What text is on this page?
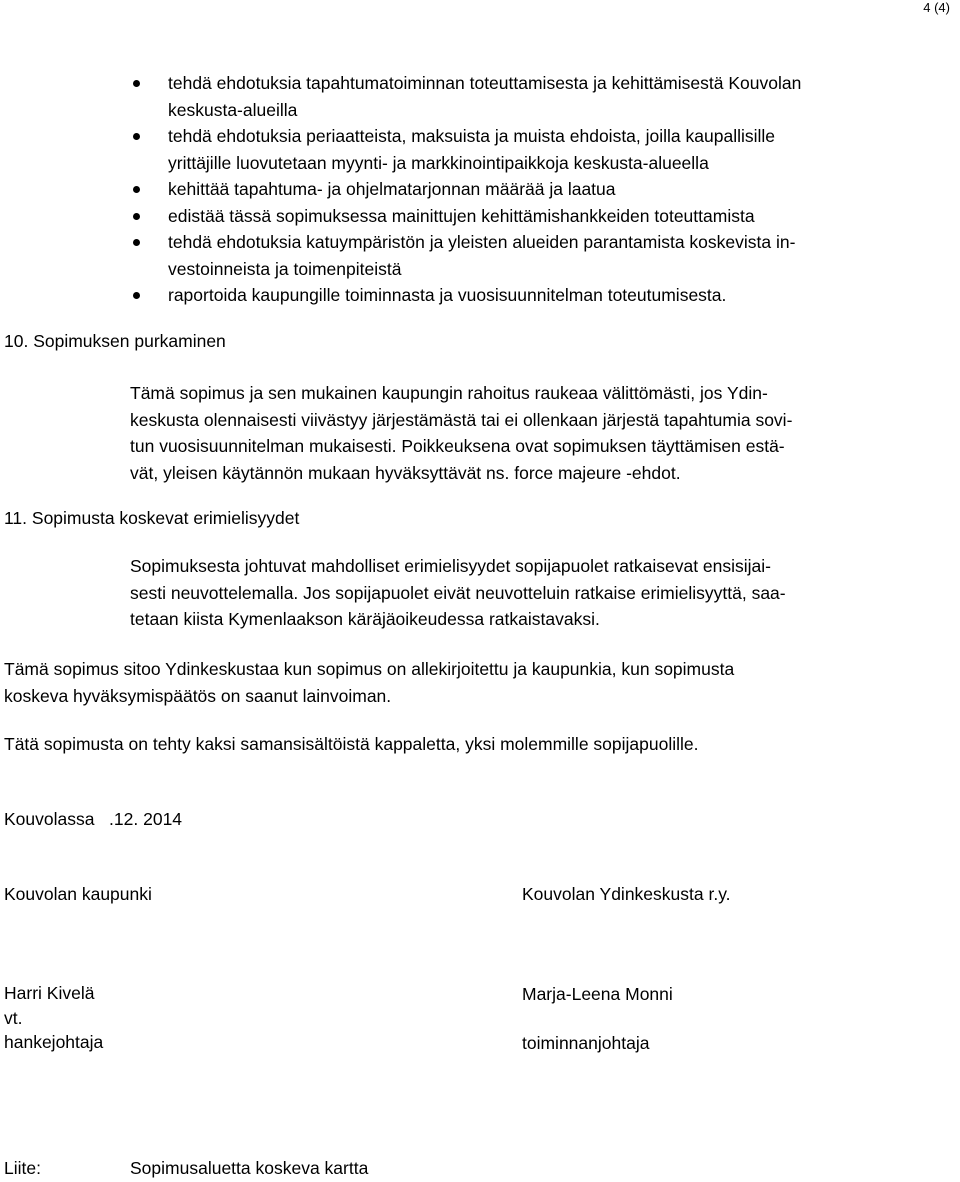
4 (4)
tehdä ehdotuksia tapahtumatoiminnan toteuttamisesta ja kehittämisestä Kouvolan
keskusta-alueilla
tehdä ehdotuksia periaatteista, maksuista ja muista ehdoista, joilla kaupallisille
yrittäjille luovutetaan myynti- ja markkinointipaikkoja keskusta-alueella
kehittää tapahtuma- ja ohjelmatarjonnan määrää ja laatua
edistää tässä sopimuksessa mainittujen kehittämishankkeiden toteuttamista
tehdä ehdotuksia katuympäristön ja yleisten alueiden parantamista koskevista in-
vestoinneista ja toimenpiteistä
raportoida kaupungille toiminnasta ja vuosisuunnitelman toteutumisesta.
10. Sopimuksen purkaminen
Tämä sopimus ja sen mukainen kaupungin rahoitus raukeaa välittömästi, jos Ydin-
keskusta olennaisesti viivästyy järjestämästä tai ei ollenkaan järjestä tapahtumia sovi-
tun vuosisuunnitelman mukaisesti. Poikkeuksena ovat sopimuksen täyttämisen estä-
vät, yleisen käytännön mukaan hyväksyttävät ns. force majeure -ehdot.
11. Sopimusta koskevat erimielisyydet
Sopimuksesta johtuvat mahdolliset erimielisyydet sopijapuolet ratkaisevat ensisijai-
sesti neuvottelemalla. Jos sopijapuolet eivät neuvotteluin ratkaise erimielisyyttä, saa-
tetaan kiista Kymenlaakson käräjäoikeudessa ratkaistavaksi.
Tämä sopimus sitoo Ydinkeskustaa kun sopimus on allekirjoitettu ja kaupunkia, kun sopimusta
koskeva hyväksymispäätös on saanut lainvoiman.
Tätä sopimusta on tehty kaksi samansisältöistä kappaletta, yksi molemmille sopijapuolille.
Kouvolassa   .12. 2014
Kouvolan kaupunki	Kouvolan Ydinkeskusta r.y.
Harri Kivelä
vt.
hankejohtaja
Marja-Leena Monni
toiminnanjohtaja
Liite:	Sopimusaluetta koskeva kartta
